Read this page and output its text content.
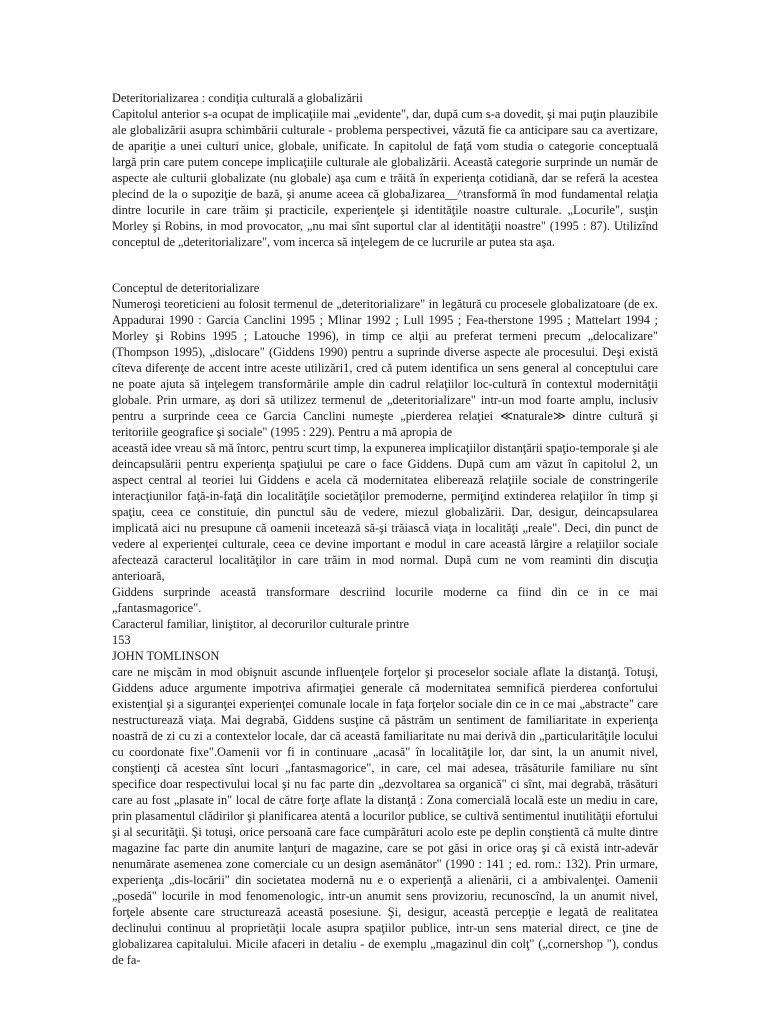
Deteritorializarea : condiţia culturală a globalizării

Capitolul anterior s-a ocupat de implicaţiile mai „evidente", dar, după cum s-a dovedit, şi mai puţin plauzibile ale globalizării asupra schimbării culturale - problema perspectivei, văzută fie ca anticipare sau ca avertizare, de apariţie a unei culturi unice, globale, unificate. In capitolul de faţă vom studia o categorie conceptuală largă prin care putem concepe implicaţiile culturale ale globalizării. Această categorie surprinde un număr de aspecte ale culturii globalizate (nu globale) aşa cum e trăită în experienţa cotidiană, dar se referă la acestea plecind de la o supoziţie de bază, şi anume aceea că globaJizarea__^transformă în mod fundamental relaţia dintre locurile in care trăim şi practicile, experienţele şi identităţile noastre culturale. „Locurile", susţin Morley şi Robins, in mod provocator, „nu mai sînt suportul clar al identităţii noastre" (1995 : 87). Utilizînd conceptul de „deteritorializare", vom incerca să inţelegem de ce lucrurile ar putea sta aşa.

Conceptul de deteritorializare

Numeroşi teoreticieni au folosit termenul de „deteritorializare" in legătură cu procesele globalizatoare (de ex. Appadurai 1990 : Garcia Canclini 1995 ; Mlinar 1992 ; Lull 1995 ; Fea-therstone 1995 ; Mattelart 1994 ; Morley şi Robins 1995 ; Latouche 1996), in timp ce alţii au preferat termeni precum „delocalizare" (Thompson 1995), „dislocare" (Giddens 1990) pentru a suprinde diverse aspecte ale procesului. Deşi există cîteva diferenţe de accent intre aceste utilizări1, cred că putem identifica un sens general al conceptului care ne poate ajuta să inţelegem transformările ample din cadrul relaţiilor loc-cultură în contextul modernităţii globale. Prin urmare, aş dori să utilizez termenul de „deteritorializare" intr-un mod foarte amplu, inclusiv pentru a surprinde ceea ce Garcia Canclini numeşte „pierderea relaţiei ≪naturale≫ dintre cultură şi teritoriile geografice şi sociale" (1995 : 229). Pentru a mă apropia de

această idee vreau să mă întorc, pentru scurt timp, la expunerea implicaţiilor distanţării spaţio-temporale şi ale deincapsulării pentru experienţa spaţiului pe care o face Giddens. După cum am văzut în capitolul 2, un aspect central al teoriei lui Giddens e acela că modernitatea eliberează relaţiile sociale de constringerile interacţiunilor faţă-in-faţă din localităţile societăţilor premoderne, permiţind extinderea relaţiilor în timp şi spaţiu, ceea ce constituie, din punctul său de vedere, miezul globalizării. Dar, desigur, deincapsularea implicată aici nu presupune că oamenii incetează să-şi trăiască viaţa in localităţi „reale". Deci, din punct de vedere al experienţei culturale, ceea ce devine important e modul in care această lărgire a relaţiilor sociale afectează caracterul localităţilor in care trăim in mod normal. După cum ne vom reaminti din discuţia anterioară,

Giddens surprinde această transformare descriind locurile moderne ca fiind din ce in ce mai „fantasmagorice".

Caracterul familiar, liniştitor, al decorurilor culturale printre

153

JOHN TOMLINSON

care ne mişcăm in mod obişnuit ascunde influenţele forţelor şi proceselor sociale aflate la distanţă. Totuşi, Giddens aduce argumente impotriva afirmaţiei generale că modernitatea semnifică pierderea confortului existenţial şi a siguranţei experienţei comunale locale in faţa forţelor sociale din ce in ce mai „abstracte" care nestructurează viaţa. Mai degrabă, Giddens susţine că păstrăm un sentiment de familiaritate in experienţa noastră de zi cu zi a contextelor locale, dar că această familiaritate nu mai derivă din „particularităţile locului cu coordonate fixe".Oamenii vor fi in continuare „acasă" în localităţile lor, dar sint, la un anumit nivel, conştienţi că acestea sînt locuri „fantasmagorice", in care, cel mai adesea, trăsăturile familiare nu sînt specifice doar respectivului local şi nu fac parte din „dezvoltarea sa organică" ci sînt, mai degrabă, trăsături care au fost „plasate in" local de către forţe aflate la distanţă : Zona comercială locală este un mediu in care, prin plasamentul clădirilor şi planificarea atentă a locurilor publice, se cultivă sentimentul inutilităţii efortului şi al securităţii. Şi totuşi, orice persoană care face cumpărături acolo este pe deplin conştientă că multe dintre magazine fac parte din anumite lanţuri de magazine, care se pot găsi in orice oraş şi că există intr-adevăr nenumărate asemenea zone comerciale cu un design asemănător" (1990 : 141 ; ed. rom.: 132). Prin urmare, experienţa „dis-locării" din societatea modernă nu e o experienţă a alienării, ci a ambivalenţei. Oamenii „posedă" locurile in mod fenomenologic, intr-un anumit sens provizoriu, recunoscînd, la un anumit nivel, forţele absente care structurează această posesiune. Şi, desigur, această percepţie e legată de realitatea declinului continuu al proprietăţii locale asupra spaţiilor publice, intr-un sens material direct, ce ţine de globalizarea capitalului. Micile afaceri in detaliu - de exemplu „magazinul din colţ" („cornershop "), condus de fa-
